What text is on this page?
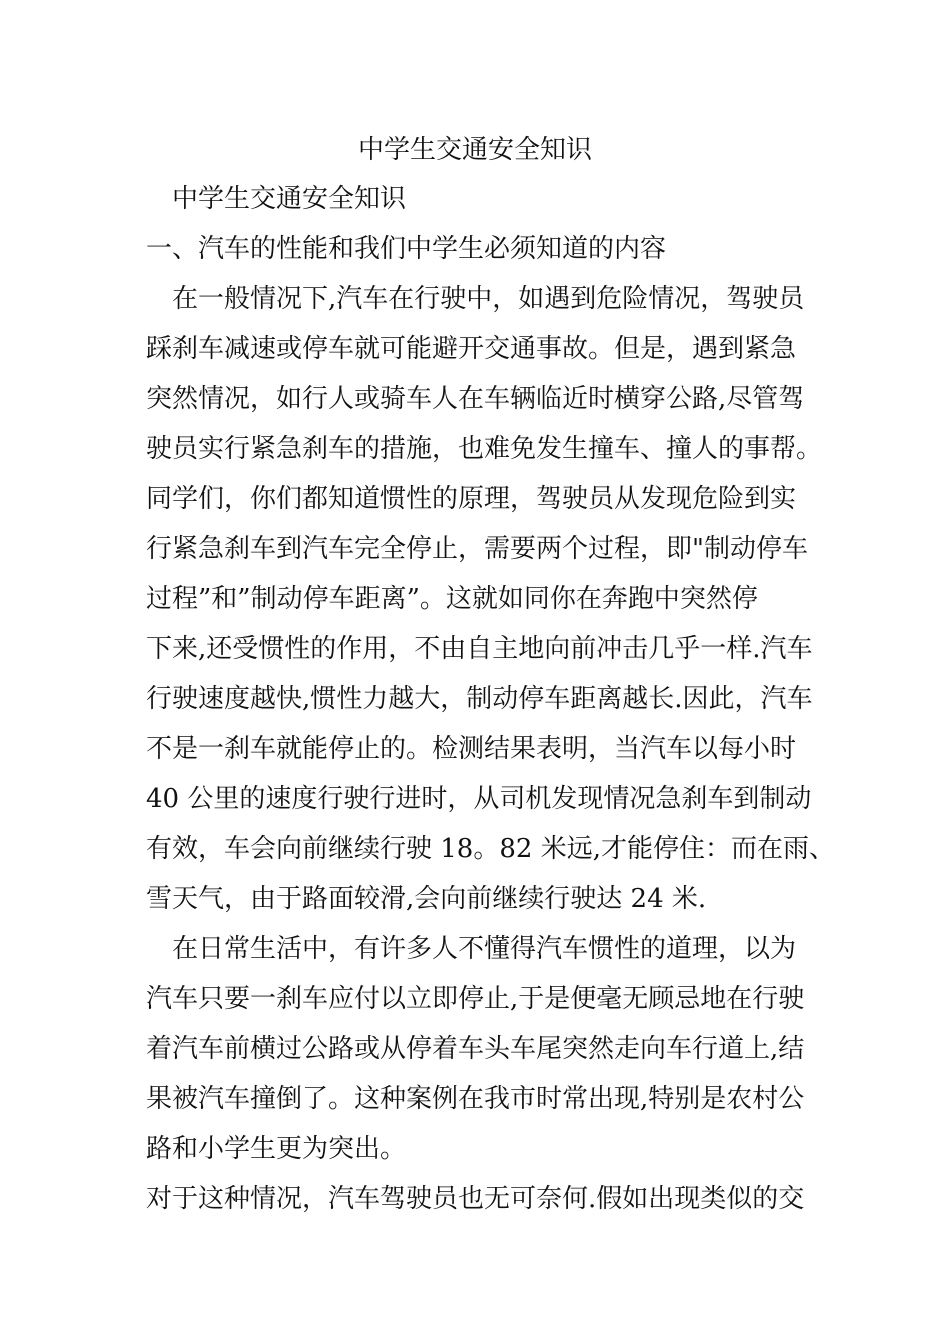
中学生交通安全知识
中学生交通安全知识
一、汽车的性能和我们中学生必须知道的内容
在一般情况下,汽车在行驶中，如遇到危险情况，驾驶员
踩刹车减速或停车就可能避开交通事故。但是，遇到紧急
突然情况，如行人或骑车人在车辆临近时横穿公路,尽管驾
驶员实行紧急刹车的措施，也难免发生撞车、撞人的事帮。
同学们，你们都知道惯性的原理，驾驶员从发现危险到实
行紧急刹车到汽车完全停止，需要两个过程，即"制动停车
过程”和”制动停车距离”。这就如同你在奔跑中突然停
下来,还受惯性的作用，不由自主地向前冲击几乎一样.汽车
行驶速度越快,惯性力越大，制动停车距离越长.因此，汽车
不是一刹车就能停止的。检测结果表明，当汽车以每小时
40 公里的速度行驶行进时，从司机发现情况急刹车到制动
有效，车会向前继续行驶 18。82 米远,才能停住：而在雨、
雪天气，由于路面较滑,会向前继续行驶达 24 米.
在日常生活中，有许多人不懂得汽车惯性的道理，以为
汽车只要一刹车应付以立即停止,于是便毫无顾忌地在行驶
着汽车前横过公路或从停着车头车尾突然走向车行道上,结
果被汽车撞倒了。这种案例在我市时常出现,特别是农村公
路和小学生更为突出。
对于这种情况，汽车驾驶员也无可奈何.假如出现类似的交
